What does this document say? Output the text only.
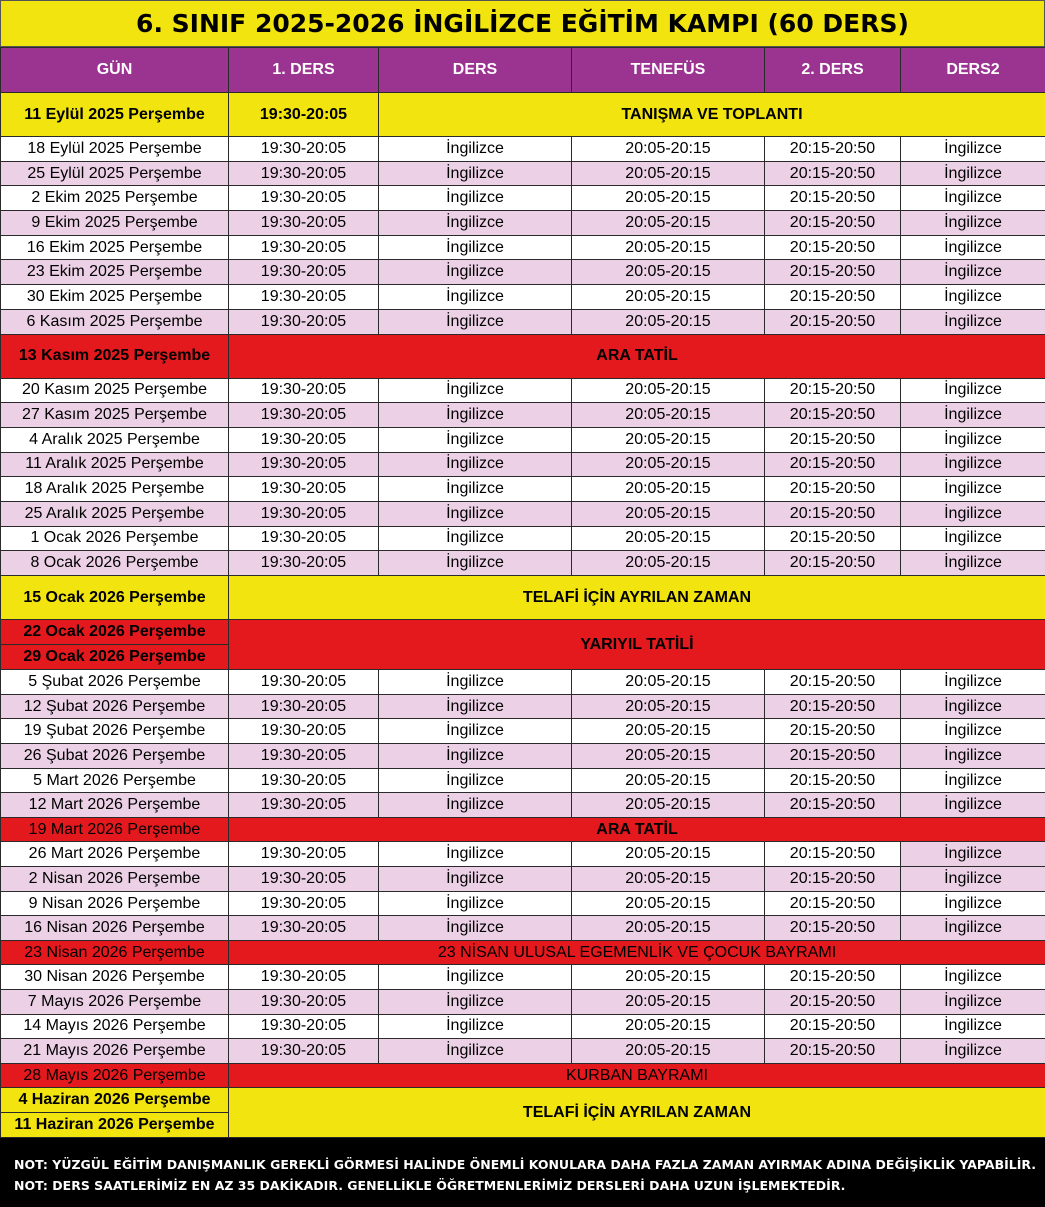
6. SINIF 2025-2026 İNGİLİZCE EĞİTİM KAMPI (60 DERS)
GÜN	1. DERS	DERS	TENEFÜS	2. DERS	DERS2
11 Eylül 2025 Perşembe	19:30-20:05	TANIŞMA VE TOPLANTI			
18 Eylül 2025 Perşembe	19:30-20:05	İngilizce	20:05-20:15	20:15-20:50	İngilizce
25 Eylül 2025 Perşembe	19:30-20:05	İngilizce	20:05-20:15	20:15-20:50	İngilizce
2 Ekim 2025 Perşembe	19:30-20:05	İngilizce	20:05-20:15	20:15-20:50	İngilizce
9 Ekim 2025 Perşembe	19:30-20:05	İngilizce	20:05-20:15	20:15-20:50	İngilizce
16 Ekim 2025 Perşembe	19:30-20:05	İngilizce	20:05-20:15	20:15-20:50	İngilizce
23 Ekim 2025 Perşembe	19:30-20:05	İngilizce	20:05-20:15	20:15-20:50	İngilizce
30 Ekim 2025 Perşembe	19:30-20:05	İngilizce	20:05-20:15	20:15-20:50	İngilizce
6 Kasım 2025 Perşembe	19:30-20:05	İngilizce	20:05-20:15	20:15-20:50	İngilizce
13 Kasım 2025 Perşembe	ARA TATİL				
20 Kasım 2025 Perşembe	19:30-20:05	İngilizce	20:05-20:15	20:15-20:50	İngilizce
27 Kasım 2025 Perşembe	19:30-20:05	İngilizce	20:05-20:15	20:15-20:50	İngilizce
4 Aralık 2025 Perşembe	19:30-20:05	İngilizce	20:05-20:15	20:15-20:50	İngilizce
11 Aralık 2025 Perşembe	19:30-20:05	İngilizce	20:05-20:15	20:15-20:50	İngilizce
18 Aralık 2025 Perşembe	19:30-20:05	İngilizce	20:05-20:15	20:15-20:50	İngilizce
25 Aralık 2025 Perşembe	19:30-20:05	İngilizce	20:05-20:15	20:15-20:50	İngilizce
1 Ocak 2026 Perşembe	19:30-20:05	İngilizce	20:05-20:15	20:15-20:50	İngilizce
8 Ocak 2026 Perşembe	19:30-20:05	İngilizce	20:05-20:15	20:15-20:50	İngilizce
15 Ocak 2026 Perşembe	TELAFİ İÇİN AYRILAN ZAMAN				
22 Ocak 2026 Perşembe	YARIYIL TATİLİ				
29 Ocak 2026 Perşembe					
5 Şubat 2026 Perşembe	19:30-20:05	İngilizce	20:05-20:15	20:15-20:50	İngilizce
12 Şubat 2026 Perşembe	19:30-20:05	İngilizce	20:05-20:15	20:15-20:50	İngilizce
19 Şubat 2026 Perşembe	19:30-20:05	İngilizce	20:05-20:15	20:15-20:50	İngilizce
26 Şubat 2026 Perşembe	19:30-20:05	İngilizce	20:05-20:15	20:15-20:50	İngilizce
5 Mart 2026 Perşembe	19:30-20:05	İngilizce	20:05-20:15	20:15-20:50	İngilizce
12 Mart 2026 Perşembe	19:30-20:05	İngilizce	20:05-20:15	20:15-20:50	İngilizce
19 Mart 2026 Perşembe	ARA TATİL				
26 Mart 2026 Perşembe	19:30-20:05	İngilizce	20:05-20:15	20:15-20:50	İngilizce
2 Nisan 2026 Perşembe	19:30-20:05	İngilizce	20:05-20:15	20:15-20:50	İngilizce
9 Nisan 2026 Perşembe	19:30-20:05	İngilizce	20:05-20:15	20:15-20:50	İngilizce
16 Nisan 2026 Perşembe	19:30-20:05	İngilizce	20:05-20:15	20:15-20:50	İngilizce
23 Nisan 2026 Perşembe	23 NİSAN ULUSAL EGEMENLİK VE ÇOCUK BAYRAMI				
30 Nisan 2026 Perşembe	19:30-20:05	İngilizce	20:05-20:15	20:15-20:50	İngilizce
7 Mayıs 2026 Perşembe	19:30-20:05	İngilizce	20:05-20:15	20:15-20:50	İngilizce
14 Mayıs 2026 Perşembe	19:30-20:05	İngilizce	20:05-20:15	20:15-20:50	İngilizce
21 Mayıs 2026 Perşembe	19:30-20:05	İngilizce	20:05-20:15	20:15-20:50	İngilizce
28 Mayıs 2026 Perşembe	KURBAN BAYRAMI				
4 Haziran 2026 Perşembe	TELAFİ İÇİN AYRILAN ZAMAN				
11 Haziran 2026 Perşembe					
NOT: YÜZGÜL EĞİTİM DANIŞMANLIK GEREKLİ GÖRMESİ HALİNDE ÖNEMLİ KONULARA DAHA FAZLA ZAMAN AYIRMAK ADINA DEĞİŞİKLİK YAPABİLİR.
NOT: DERS SAATLERİMİZ EN AZ 35 DAKİKADIR. GENELLİKLE ÖĞRETMENLERİMİZ DERSLERİ DAHA UZUN İŞLEMEKTEDİR.
